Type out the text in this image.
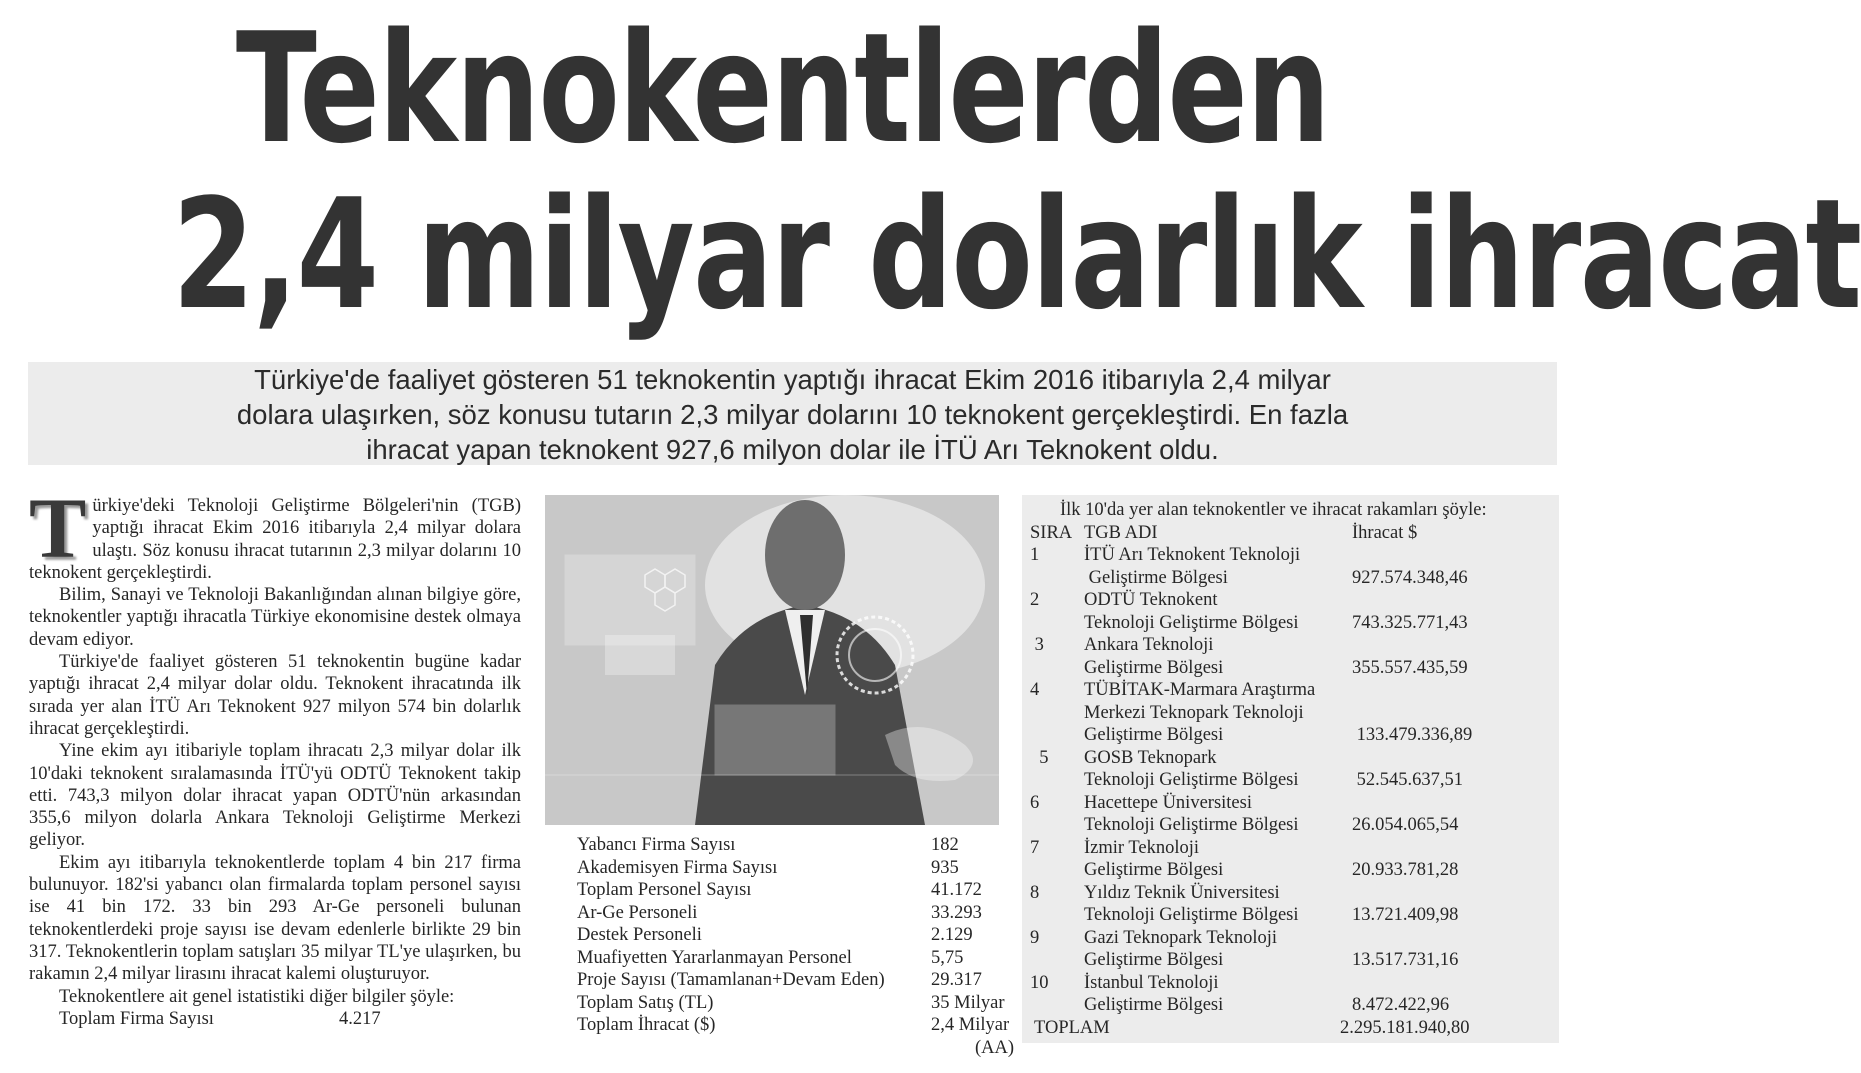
Teknokentlerden
2,4 milyar dolarlık ihracat

Türkiye'de faaliyet gösteren 51 teknokentin yaptığı ihracat Ekim 2016 itibarıyla 2,4 milyar

dolara ulaşırken, söz konusu tutarın 2,3 milyar dolarını 10 teknokent gerçekleştirdi. En fazla

ihracat yapan teknokent 927,6 milyon dolar ile İTÜ Arı Teknokent oldu.

Türkiye'deki Teknoloji Geliştirme Bölgeleri'nin (TGB) yaptığı ihracat Ekim 2016 itibarıyla 2,4 milyar dolara ulaştı. Söz konusu ihracat tutarının 2,3 milyar dolarını 10 teknokent gerçekleştirdi.

Bilim, Sanayi ve Teknoloji Bakanlığından alınan bilgiye göre, teknokentler yaptığı ihracatla Türkiye ekonomisine destek olmaya devam ediyor.

Türkiye'de faaliyet gösteren 51 teknokentin bugüne kadar yaptığı ihracat 2,4 milyar dolar oldu. Teknokent ihracatında ilk sırada yer alan İTÜ Arı Teknokent 927 milyon 574 bin dolarlık ihracat gerçekleştirdi.

Yine ekim ayı itibariyle toplam ihracatı 2,3 milyar dolar ilk 10'daki teknokent sıralamasında İTÜ'yü ODTÜ Teknokent takip etti. 743,3 milyon dolar ihracat yapan ODTÜ'nün arkasından 355,6 milyon dolarla Ankara Teknoloji Geliştirme Merkezi geliyor.

Ekim ayı itibarıyla teknokentlerde toplam 4 bin 217 firma bulunuyor. 182'si yabancı olan firmalarda toplam personel sayısı ise 41 bin 172. 33 bin 293 Ar-Ge personeli bulunan teknokentlerdeki proje sayısı ise devam edenlerle birlikte 29 bin 317. Teknokentlerin toplam satışları 35 milyar TL'ye ulaşırken, bu rakamın 2,4 milyar lirasını ihracat kalemi oluşturuyor.

Teknokentlere ait genel istatistiki diğer bilgiler şöyle:

Toplam Firma Sayısı	4.217
Yabancı Firma Sayısı	182
Akademisyen Firma Sayısı	935
Toplam Personel Sayısı	41.172
Ar-Ge Personeli	33.293
Destek Personeli	2.129
Muafiyetten Yararlanmayan Personel	5,75
Proje Sayısı (Tamamlanan+Devam Eden)	29.317
Toplam Satış (TL)	35 Milyar
Toplam İhracat ($)	2,4 Milyar
(AA)
İlk 10'da yer alan teknokentler ve ihracat rakamları şöyle:
SIRA TGB ADI	İhracat $
1	İTÜ Arı Teknokent Teknoloji
Geliştirme Bölgesi	927.574.348,46
2	ODTÜ Teknokent
Teknoloji Geliştirme Bölgesi	743.325.771,43
3	Ankara Teknoloji
Geliştirme Bölgesi	355.557.435,59
4	TÜBİTAK-Marmara Araştırma
Merkezi Teknopark Teknoloji
Geliştirme Bölgesi	133.479.336,89
5	GOSB Teknopark
Teknoloji Geliştirme Bölgesi	52.545.637,51
6	Hacettepe Üniversitesi
Teknoloji Geliştirme Bölgesi	26.054.065,54
7	İzmir Teknoloji
Geliştirme Bölgesi	20.933.781,28
8	Yıldız Teknik Üniversitesi
Teknoloji Geliştirme Bölgesi	13.721.409,98
9	Gazi Teknopark Teknoloji
Geliştirme Bölgesi	13.517.731,16
10	İstanbul Teknoloji
Geliştirme Bölgesi	8.472.422,96
TOPLAM	2.295.181.940,80
